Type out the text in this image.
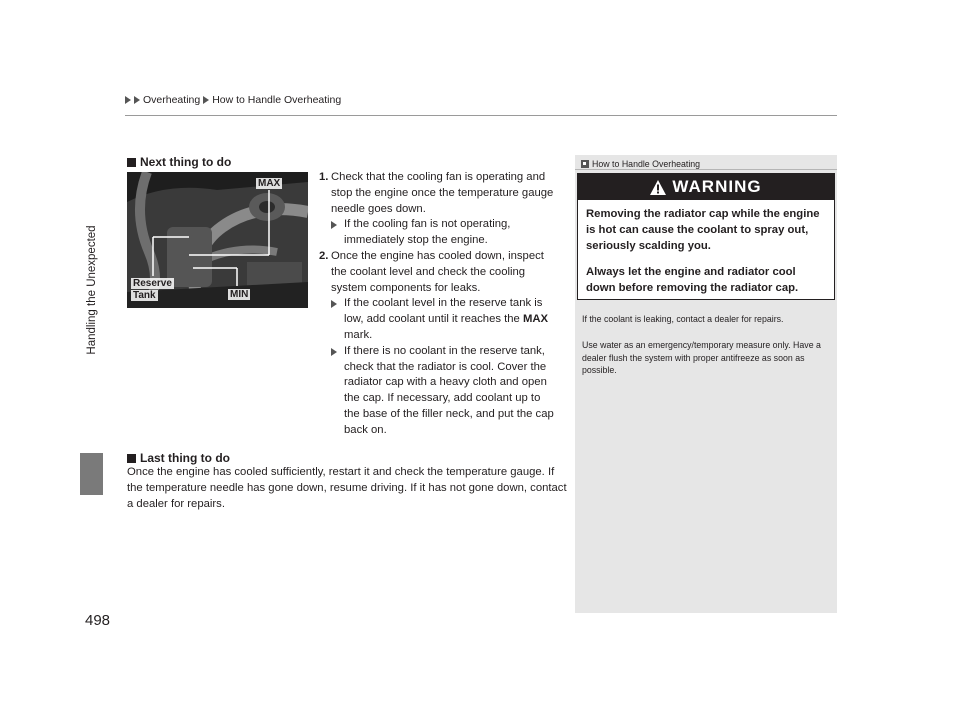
Overheating How to Handle Overheating
Handling the Unexpected
498
Next thing to do
MAX
Reserve
Tank	MIN
1. Check that the cooling fan is operating and stop the engine once the temperature gauge needle goes down.
If the cooling fan is not operating, immediately stop the engine.
2. Once the engine has cooled down, inspect the coolant level and check the cooling system components for leaks.
If the coolant level in the reserve tank is low, add coolant until it reaches the MAX mark.
If there is no coolant in the reserve tank, check that the radiator is cool. Cover the radiator cap with a heavy cloth and open the cap. If necessary, add coolant up to the base of the filler neck, and put the cap back on.
Last thing to do
Once the engine has cooled sufficiently, restart it and check the temperature gauge. If the temperature needle has gone down, resume driving. If it has not gone down, contact a dealer for repairs.
How to Handle Overheating
WARNING

Removing the radiator cap while the engine is hot can cause the coolant to spray out, seriously scalding you.

Always let the engine and radiator cool down before removing the radiator cap.

If the coolant is leaking, contact a dealer for repairs.
Use water as an emergency/temporary measure only. Have a dealer flush the system with proper antifreeze as soon as possible.
